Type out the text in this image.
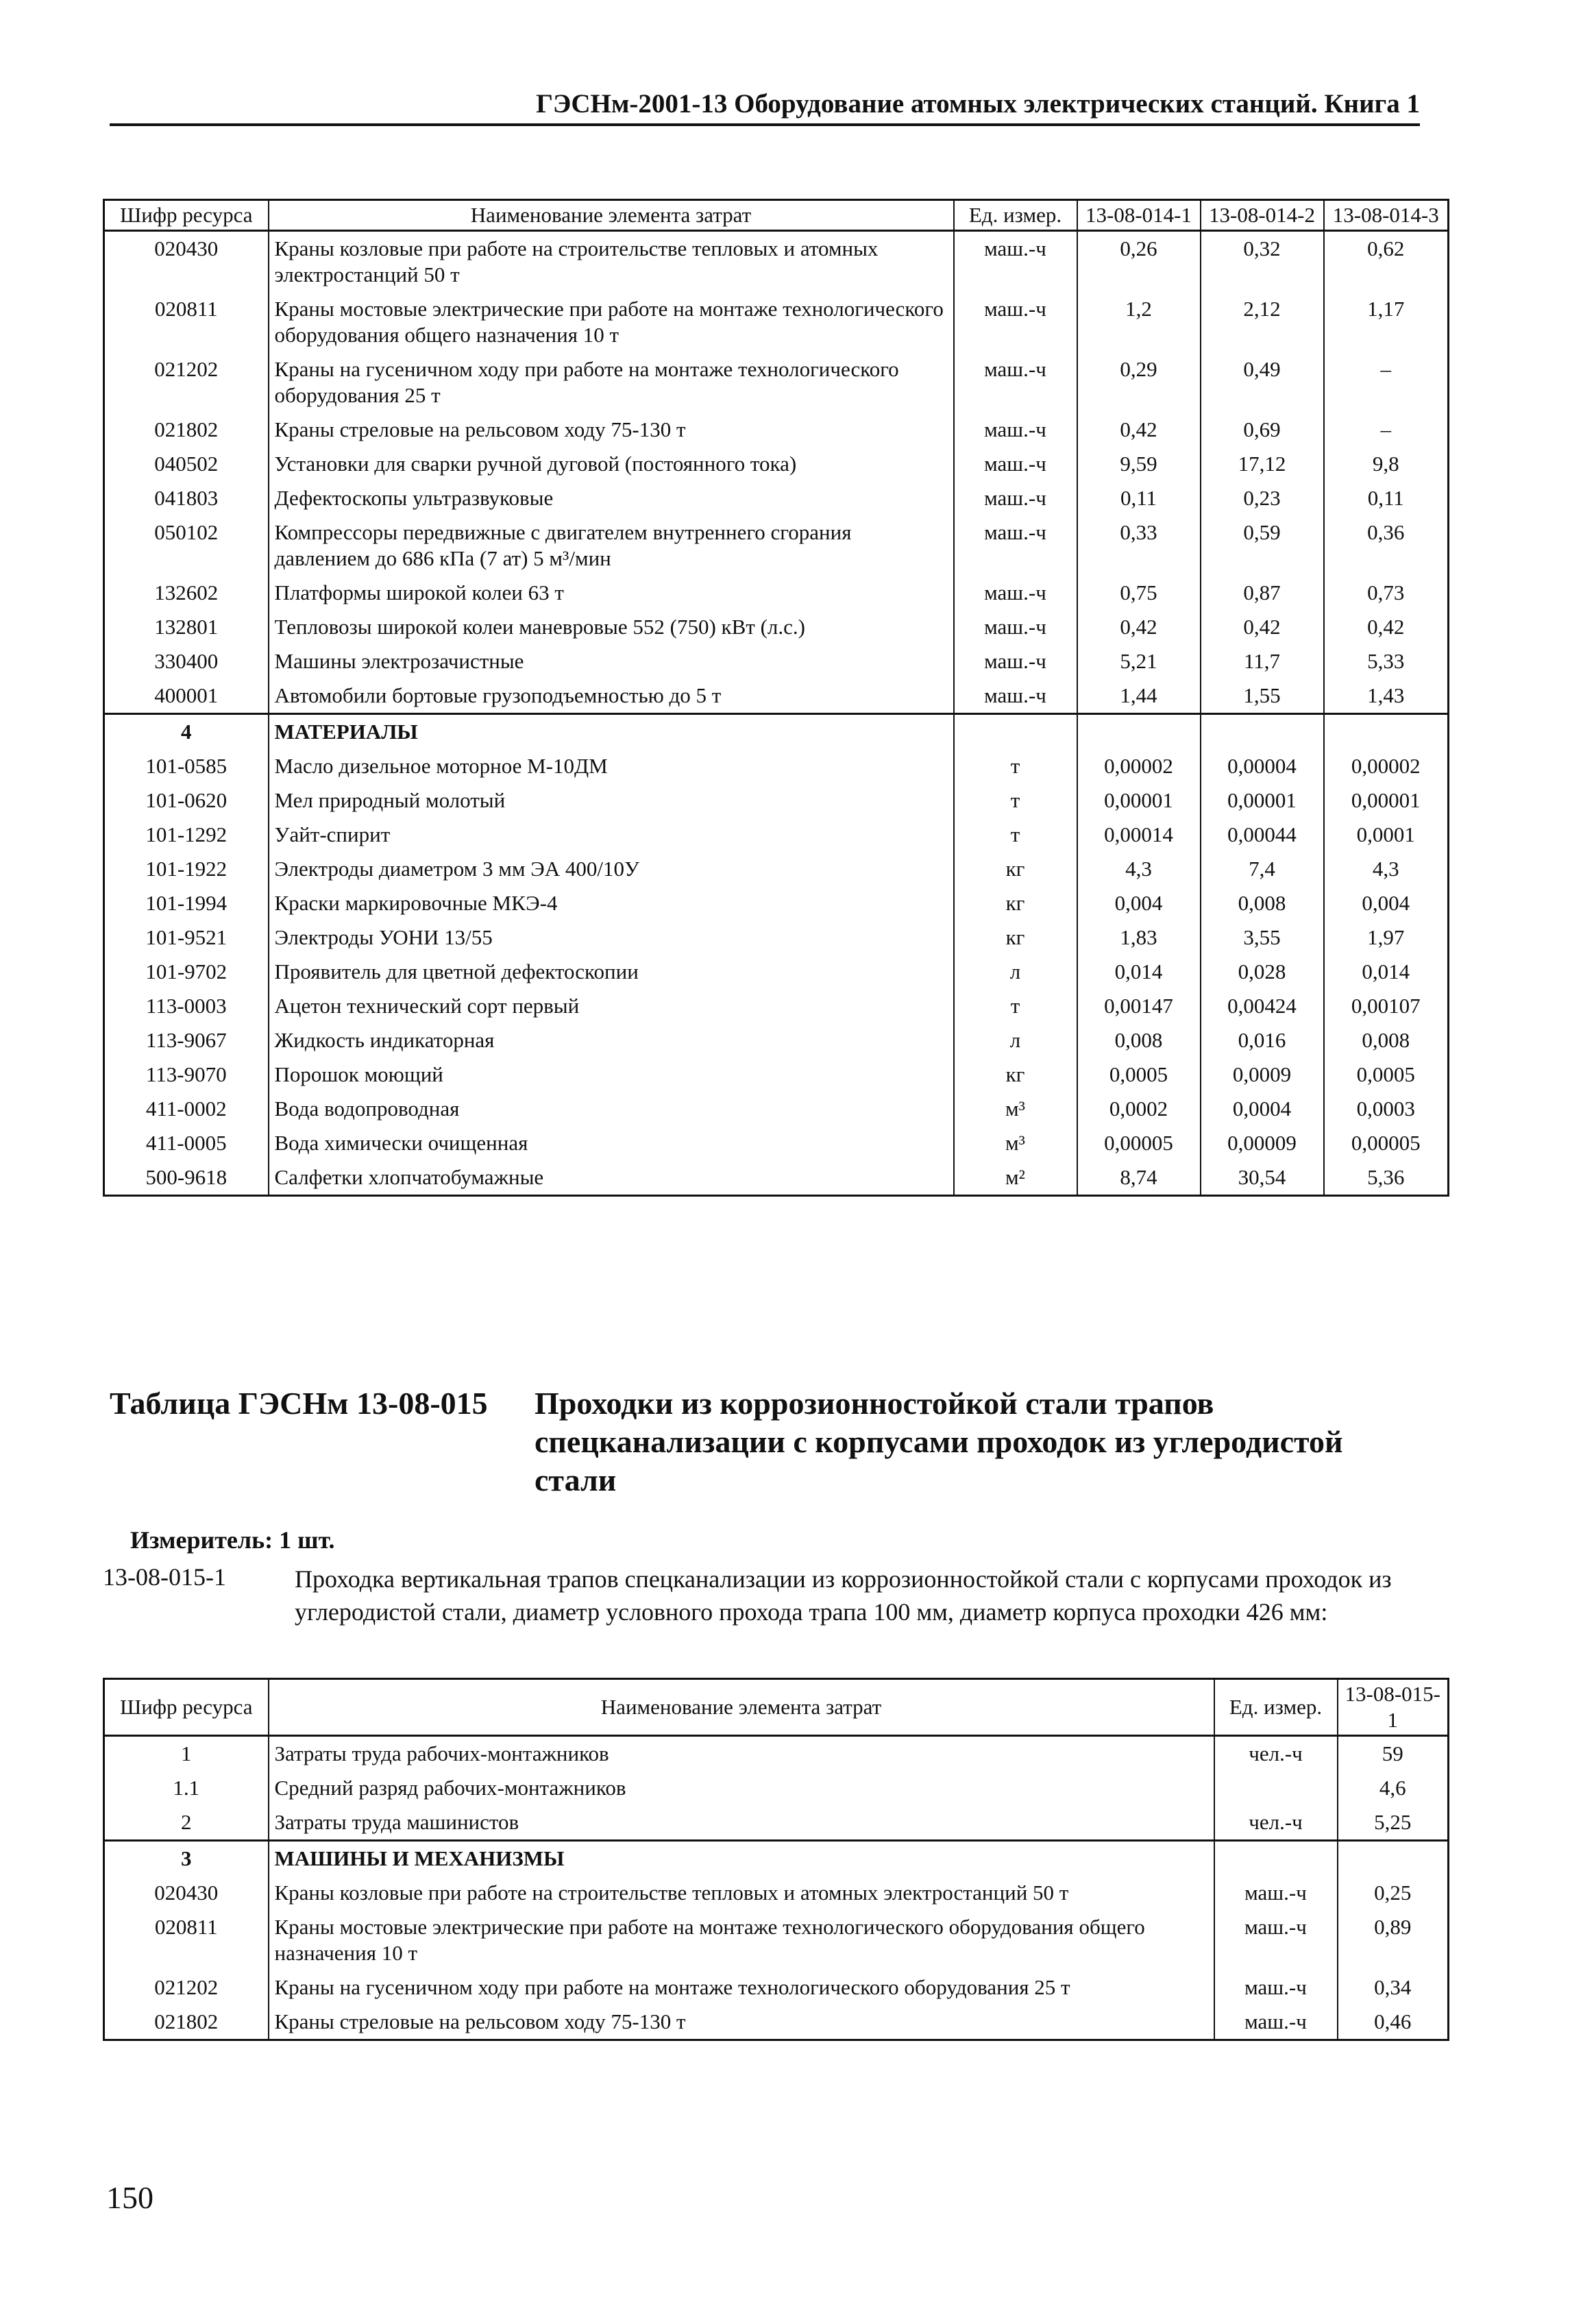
ГЭСНм-2001-13 Оборудование атомных электрических станций. Книга 1
Шифр ресурса	Наименование элемента затрат	Ед. измер.	13-08-014-1	13-08-014-2	13-08-014-3
020430	Краны козловые при работе на строительстве тепловых и атомных электростанций 50 т	маш.-ч	0,26	0,32	0,62
020811	Краны мостовые электрические при работе на монтаже технологического оборудования общего назначения 10 т	маш.-ч	1,2	2,12	1,17
021202	Краны на гусеничном ходу при работе на монтаже технологического оборудования 25 т	маш.-ч	0,29	0,49	–
021802	Краны стреловые на рельсовом ходу 75-130 т	маш.-ч	0,42	0,69	–
040502	Установки для сварки ручной дуговой (постоянного тока)	маш.-ч	9,59	17,12	9,8
041803	Дефектоскопы ультразвуковые	маш.-ч	0,11	0,23	0,11
050102	Компрессоры передвижные с двигателем внутреннего сгорания давлением до 686 кПа (7 ат) 5 м³/мин	маш.-ч	0,33	0,59	0,36
132602	Платформы широкой колеи 63 т	маш.-ч	0,75	0,87	0,73
132801	Тепловозы широкой колеи маневровые 552 (750) кВт (л.с.)	маш.-ч	0,42	0,42	0,42
330400	Машины электрозачистные	маш.-ч	5,21	11,7	5,33
400001	Автомобили бортовые грузоподъемностью до 5 т	маш.-ч	1,44	1,55	1,43
4	МАТЕРИАЛЫ				
101-0585	Масло дизельное моторное М-10ДМ	т	0,00002	0,00004	0,00002
101-0620	Мел природный молотый	т	0,00001	0,00001	0,00001
101-1292	Уайт-спирит	т	0,00014	0,00044	0,0001
101-1922	Электроды диаметром 3 мм ЭА 400/10У	кг	4,3	7,4	4,3
101-1994	Краски маркировочные МКЭ-4	кг	0,004	0,008	0,004
101-9521	Электроды УОНИ 13/55	кг	1,83	3,55	1,97
101-9702	Проявитель для цветной дефектоскопии	л	0,014	0,028	0,014
113-0003	Ацетон технический сорт первый	т	0,00147	0,00424	0,00107
113-9067	Жидкость индикаторная	л	0,008	0,016	0,008
113-9070	Порошок моющий	кг	0,0005	0,0009	0,0005
411-0002	Вода водопроводная	м³	0,0002	0,0004	0,0003
411-0005	Вода химически очищенная	м³	0,00005	0,00009	0,00005
500-9618	Салфетки хлопчатобумажные	м²	8,74	30,54	5,36
Таблица ГЭСНм 13-08-015 Проходки из коррозионностойкой стали трапов спецканализации с корпусами проходок из углеродистой стали
Измеритель: 1 шт.
13-08-015-1	Проходка вертикальная трапов спецканализации из коррозионностойкой стали с корпусами проходок из углеродистой стали, диаметр условного прохода трапа 100 мм, диаметр корпуса проходки 426 мм:
Шифр ресурса	Наименование элемента затрат	Ед. измер.	13-08-015-1
1	Затраты труда рабочих-монтажников	чел.-ч	59
1.1	Средний разряд рабочих-монтажников		4,6
2	Затраты труда машинистов	чел.-ч	5,25
3	МАШИНЫ И МЕХАНИЗМЫ		
020430	Краны козловые при работе на строительстве тепловых и атомных электростанций 50 т	маш.-ч	0,25
020811	Краны мостовые электрические при работе на монтаже технологического оборудования общего назначения 10 т	маш.-ч	0,89
021202	Краны на гусеничном ходу при работе на монтаже технологического оборудования 25 т	маш.-ч	0,34
021802	Краны стреловые на рельсовом ходу 75-130 т	маш.-ч	0,46
150
